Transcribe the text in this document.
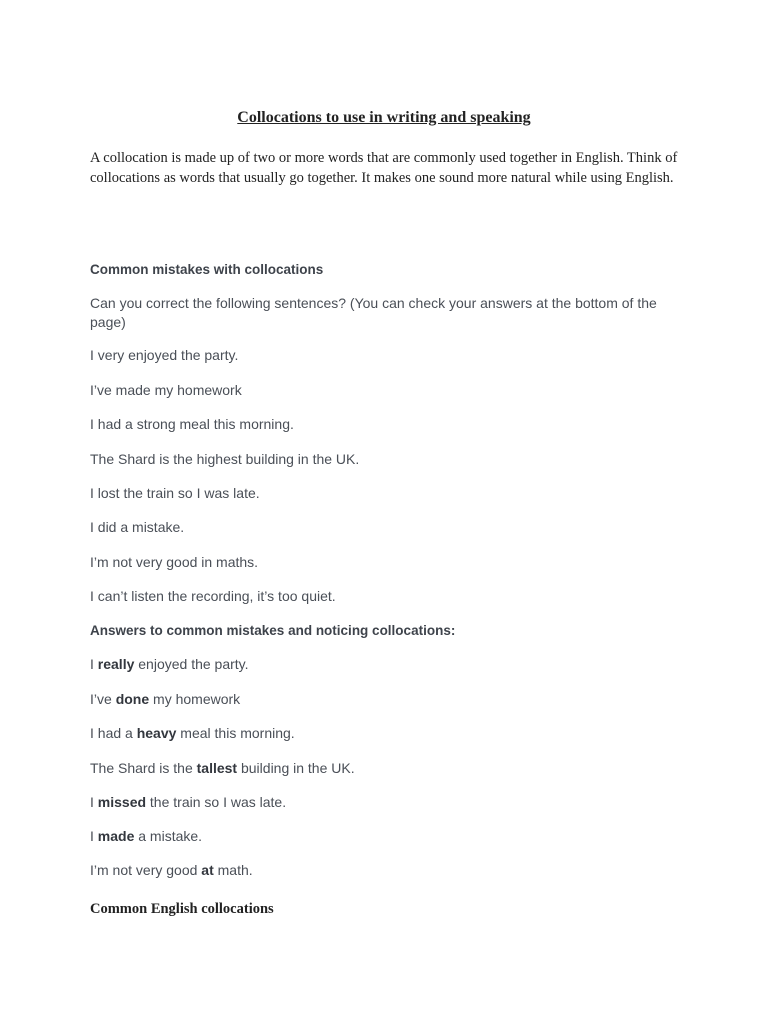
Collocations to use in writing and speaking
A collocation is made up of two or more words that are commonly used together in English. Think of collocations as words that usually go together. It makes one sound more natural while using English.
Common mistakes with collocations
Can you correct the following sentences? (You can check your answers at the bottom of the page)
I very enjoyed the party.
I’ve made my homework
I had a strong meal this morning.
The Shard is the highest building in the UK.
I lost the train so I was late.
I did a mistake.
I’m not very good in maths.
I can’t listen the recording, it’s too quiet.
Answers to common mistakes and noticing collocations:
I really enjoyed the party.
I’ve done my homework
I had a heavy meal this morning.
The Shard is the tallest building in the UK.
I missed the train so I was late.
I made a mistake.
I’m not very good at math.
Common English collocations
